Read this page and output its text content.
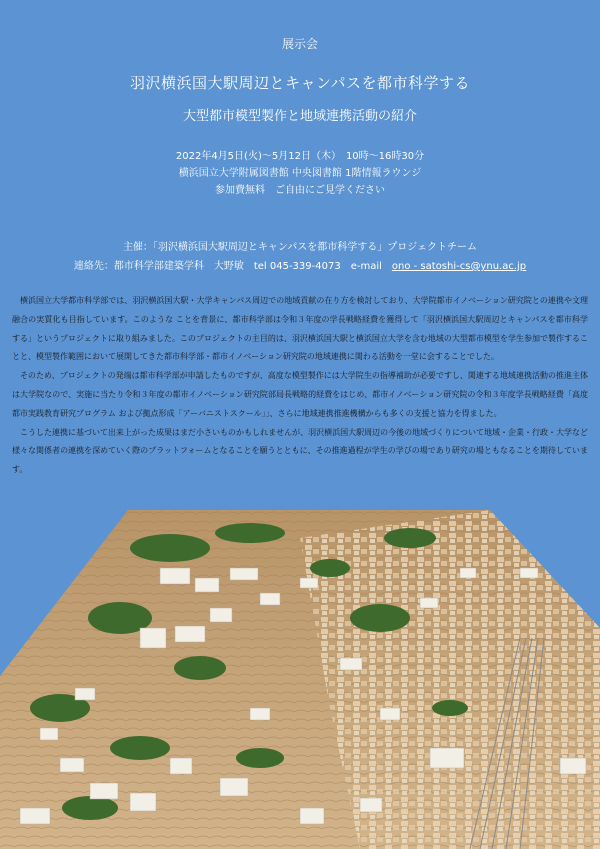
展示会
羽沢横浜国大駅周辺とキャンパスを都市科学する
大型都市模型製作と地域連携活動の紹介
2022年4月5日(火)〜5月12日（木）　10時〜16時30分
横浜国立大学附属図書館 中央図書館 1階情報ラウンジ
参加費無料　ご自由にご見学ください
主催：「羽沢横浜国大駅周辺とキャンパスを都市科学する」プロジェクトチーム
連絡先：都市科学部建築学科　大野敏　tel 045-339-4073　e-mail　ono - satoshi-cs@ynu.ac.jp

横浜国立大学都市科学部では、羽沢横浜国大駅・大学キャンパス周辺での地域貢献の在り方を検討しており、大学院都市イノベーション研究院との連携や文理融合の実質化も目指しています。このような ことを背景に、都市科学部は令和３年度の学長戦略経費を獲得して「羽沢横浜国大駅周辺とキャンパスを都市科学する」というプロジェクトに取り組みました。このプロジェクトの主目的は、羽沢横浜国大駅と横浜国立大学を含む地域の大型都市模型を学生参加で製作することと、模型製作範囲において展開してきた都市科学部・都市イノベーション研究院の地域連携に関わる活動を一堂に会することでした。

そのため、プロジェクトの発端は都市科学部が申請したものですが、高度な模型製作には大学院生の指導補助が必要ですし、関連する地域連携活動の推進主体は大学院なので、実施に当たり令和３年度の都市イノベーション研究院部局長戦略的経費をはじめ、都市イノベーション研究院の令和３年度学長戦略経費「高度都市実践教育研究プログラム および拠点形成「アーバニストスクール」」、さらに地域連携推進機構からも多くの支援と協力を得ました。

こうした連携に基づいて出来上がった成果はまだ小さいものかもしれませんが、羽沢横浜国大駅周辺の今後の地域づくりについて地域・企業・行政・大学など様々な関係者の連携を深めていく際のプラットフォームとなることを願うとともに、その推進過程が学生の学びの場であり研究の場ともなることを期待しています。
